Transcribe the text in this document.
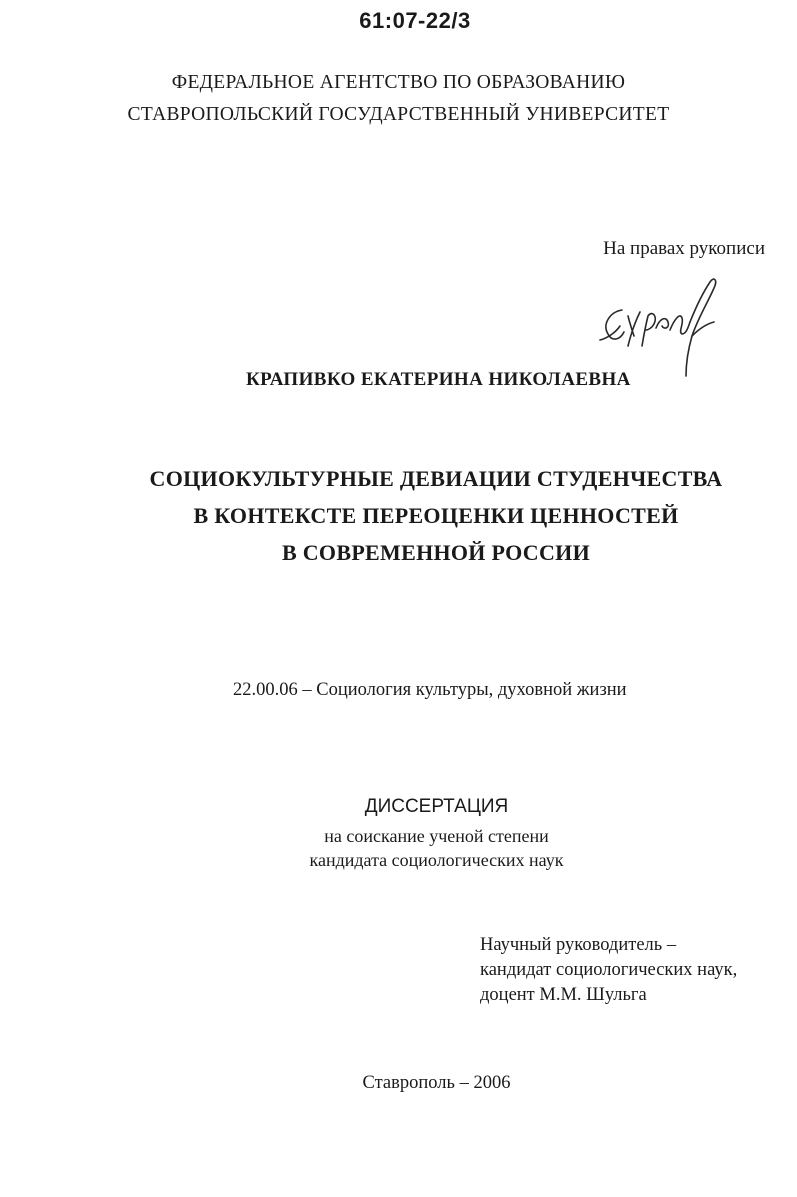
61:07-22/3
ФЕДЕРАЛЬНОЕ АГЕНТСТВО ПО ОБРАЗОВАНИЮ
СТАВРОПОЛЬСКИЙ ГОСУДАРСТВЕННЫЙ УНИВЕРСИТЕТ
На правах рукописи
КРАПИВКО ЕКАТЕРИНА НИКОЛАЕВНА
СОЦИОКУЛЬТУРНЫЕ ДЕВИАЦИИ СТУДЕНЧЕСТВА
В КОНТЕКСТЕ ПЕРЕОЦЕНКИ ЦЕННОСТЕЙ
В СОВРЕМЕННОЙ РОССИИ
22.00.06 – Социология культуры, духовной жизни
ДИССЕРТАЦИЯ
на соискание ученой степени
кандидата социологических наук
Научный руководитель –
кандидат социологических наук,
доцент М.М. Шульга
Ставрополь – 2006
